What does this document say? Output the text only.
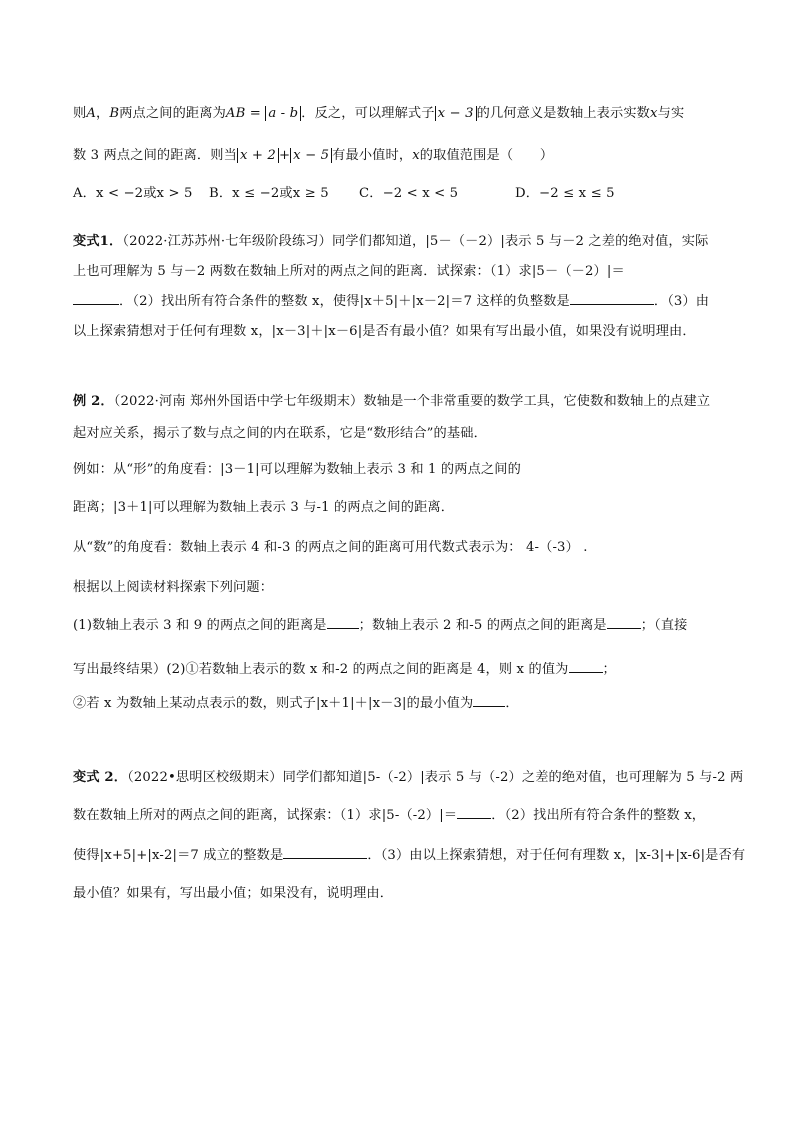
则A，B两点之间的距离为AB = a - b ．反之，可以理解式子 x − 3 的几何意义是数轴上表示实数x与实
数 3 两点之间的距离．则当 x + 2 + x − 5 有最小值时，x的取值范围是（　　）
A．x < −2或x > 5 B．x ≤ −2或x ≥ 5 C．−2 < x < 5	D．−2 ≤ x ≤ 5
变式1．（2022·江苏苏州·七年级阶段练习）同学们都知道，|5－（－2）|表示 5 与－2 之差的绝对值，实际
上也可理解为 5 与－2 两数在数轴上所对的两点之间的距离．试探索：（1）求|5－（－2）|＝
．（2）找出所有符合条件的整数 x，使得|x＋5|＋|x－2|＝7 这样的负整数是	．（3）由
以上探索猜想对于任何有理数 x，|x－3|＋|x－6|是否有最小值？如果有写出最小值，如果没有说明理由．
例 2．（2022·河南 郑州外国语中学七年级期末）数轴是一个非常重要的数学工具，它使数和数轴上的点建立
起对应关系，揭示了数与点之间的内在联系，它是“数形结合”的基础．
例如：从“形”的角度看：|3－1|可以理解为数轴上表示 3 和 1 的两点之间的
距离；|3＋1|可以理解为数轴上表示 3 与-1 的两点之间的距离．
从“数”的角度看：数轴上表示 4 和-3 的两点之间的距离可用代数式表示为： 4-（-3） .
根据以上阅读材料探索下列问题：
(1)数轴上表示 3 和 9 的两点之间的距离是 ；数轴上表示 2 和-5 的两点之间的距离是	；（直接
写出最终结果）(2)①若数轴上表示的数 x 和-2 的两点之间的距离是 4，则 x 的值为	；
②若 x 为数轴上某动点表示的数，则式子|x＋1|＋|x－3|的最小值为 ．
变式 2．（2022•思明区校级期末）同学们都知道|5-（-2）|表示 5 与（-2）之差的绝对值，也可理解为 5 与-2 两
数在数轴上所对的两点之间的距离，试探索：（1）求|5-（-2）|＝	．（2）找出所有符合条件的整数 x，
使得|x+5|+|x-2|＝7 成立的整数是	．（3）由以上探索猜想，对于任何有理数 x，|x-3|+|x-6|是否有
最小值？如果有，写出最小值；如果没有，说明理由．
